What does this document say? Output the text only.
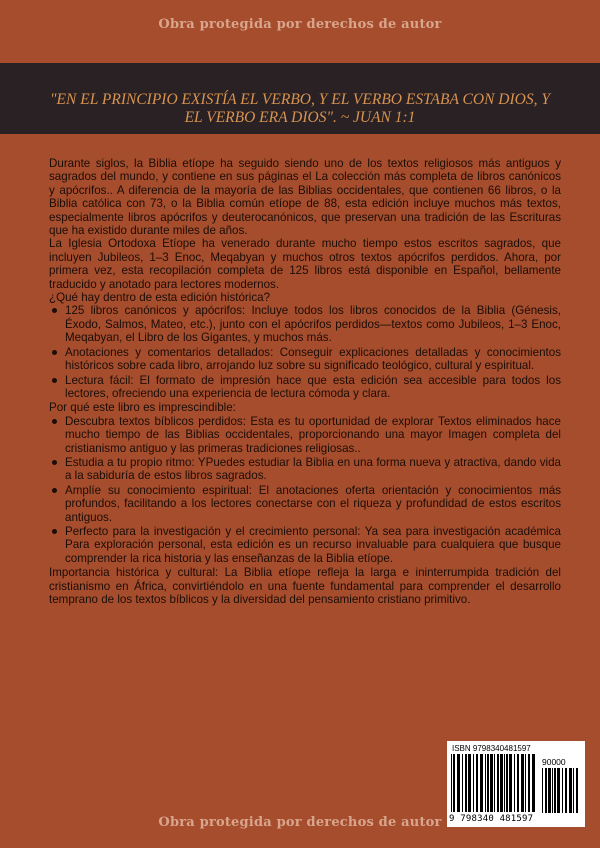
Obra protegida por derechos de autor
"EN EL PRINCIPIO EXISTÍA EL VERBO, Y EL VERBO ESTABA CON DIOS, Y EL VERBO ERA DIOS". ~ JUAN 1:1

Durante siglos, la Biblia etíope ha seguido siendo uno de los textos religiosos más antiguos y sagrados del mundo, y contiene en sus páginas el La colección más completa de libros canónicos y apócrifos.. A diferencia de la mayoría de las Biblias occidentales, que contienen 66 libros, o la Biblia católica con 73, o la Biblia común etíope de 88, esta edición incluye muchos más textos, especialmente libros apócrifos y deuterocanónicos, que preservan una tradición de las Escrituras que ha existido durante miles de años.

La Iglesia Ortodoxa Etíope ha venerado durante mucho tiempo estos escritos sagrados, que incluyen Jubileos, 1–3 Enoc, Meqabyan y muchos otros textos apócrifos perdidos. Ahora, por primera vez, esta recopilación completa de 125 libros está disponible en Español, bellamente traducido y anotado para lectores modernos.

¿Qué hay dentro de esta edición histórica?

125 libros canónicos y apócrifos: Incluye todos los libros conocidos de la Biblia (Génesis, Éxodo, Salmos, Mateo, etc.), junto con el apócrifos perdidos—textos como Jubileos, 1–3 Enoc, Meqabyan, el Libro de los Gigantes, y muchos más.
Anotaciones y comentarios detallados: Conseguir explicaciones detalladas y conocimientos históricos sobre cada libro, arrojando luz sobre su significado teológico, cultural y espiritual.
Lectura fácil: El formato de impresión hace que esta edición sea accesible para todos los lectores, ofreciendo una experiencia de lectura cómoda y clara.

Por qué este libro es imprescindible:

Descubra textos bíblicos perdidos: Esta es tu oportunidad de explorar Textos eliminados hace mucho tiempo de las Biblias occidentales, proporcionando una mayor Imagen completa del cristianismo antiguo y las primeras tradiciones religiosas..
Estudia a tu propio ritmo: YPuedes estudiar la Biblia en una forma nueva y atractiva, dando vida a la sabiduría de estos libros sagrados.
Amplíe su conocimiento espiritual: El anotaciones oferta orientación y conocimientos más profundos, facilitando a los lectores conectarse con el riqueza y profundidad de estos escritos antiguos.
Perfecto para la investigación y el crecimiento personal: Ya sea para investigación académica Para exploración personal, esta edición es un recurso invaluable para cualquiera que busque comprender la rica historia y las enseñanzas de la Biblia etíope.

Importancia histórica y cultural: La Biblia etíope refleja la larga e ininterrumpida tradición del cristianismo en África, convirtiéndolo en una fuente fundamental para comprender el desarrollo temprano de los textos bíblicos y la diversidad del pensamiento cristiano primitivo.

ISBN 9798340481597
90000
9 798340 481597
Obra protegida por derechos de autor
